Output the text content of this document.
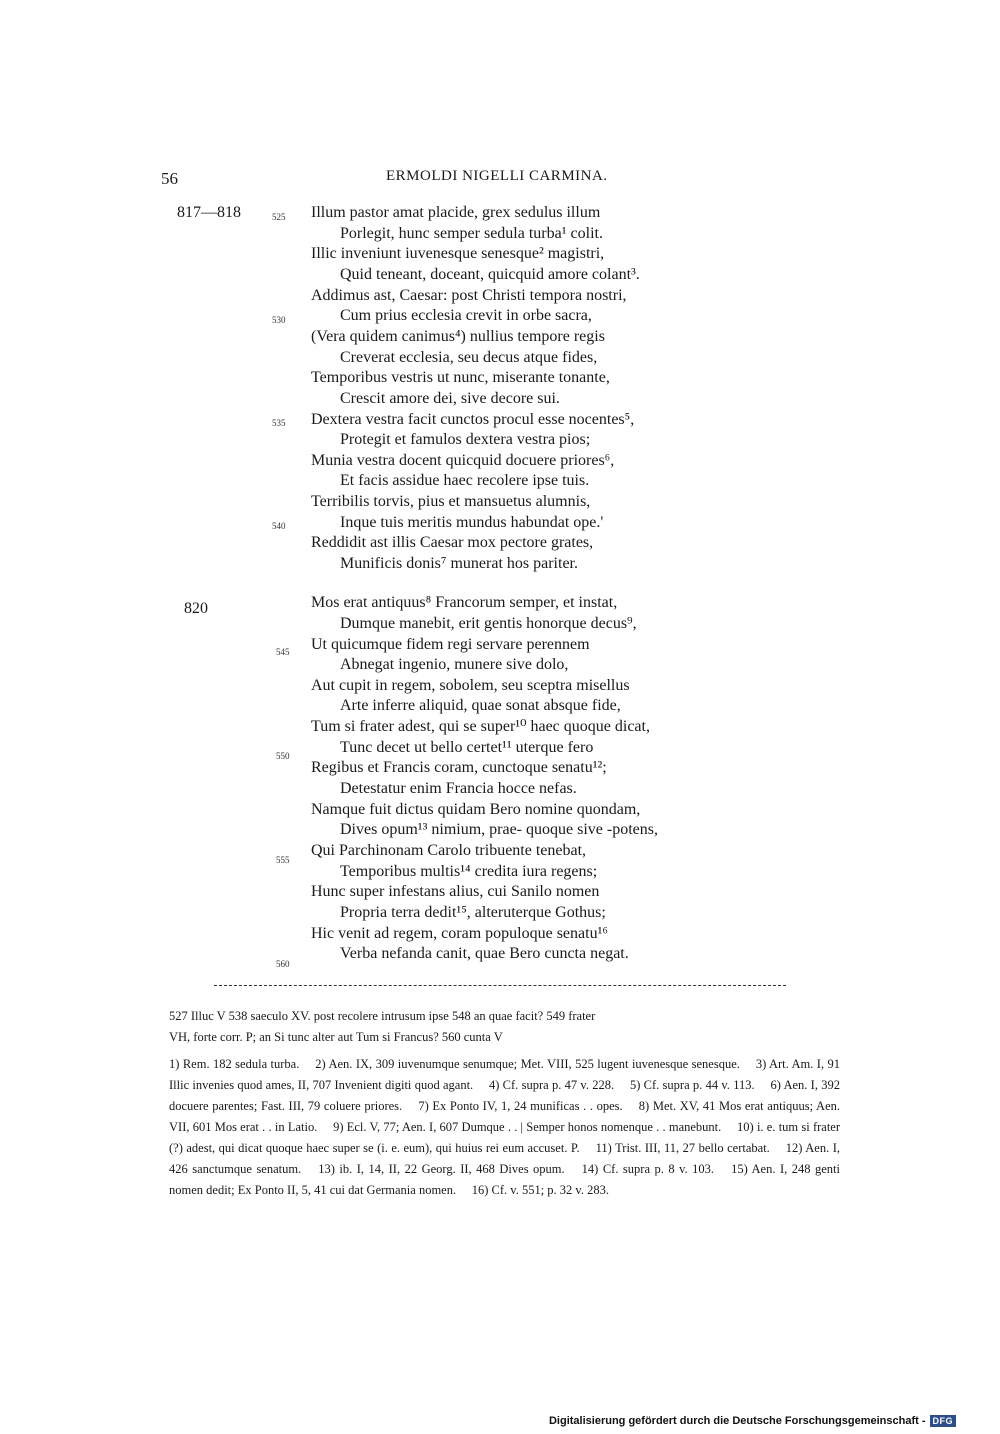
56	ERMOLDI NIGELLI CARMINA.
817—818
820
525
530
535
540
545
550
555
560
Illum pastor amat placide, grex sedulus illum
Porlegit, hunc semper sedula turba¹ colit.
Illic inveniunt iuvenesque senesque² magistri,
Quid teneant, doceant, quicquid amore colant³.
Addimus ast, Caesar: post Christi tempora nostri,
Cum prius ecclesia crevit in orbe sacra,
(Vera quidem canimus⁴) nullius tempore regis
Creverat ecclesia, seu decus atque fides,
Temporibus vestris ut nunc, miserante tonante,
Crescit amore dei, sive decore sui.
Dextera vestra facit cunctos procul esse nocentes⁵,
Protegit et famulos dextera vestra pios;
Munia vestra docent quicquid docuere priores⁶,
Et facis assidue haec recolere ipse tuis.
Terribilis torvis, pius et mansuetus alumnis,
Inque tuis meritis mundus habundat ope.'
Reddidit ast illis Caesar mox pectore grates,
Munificis donis⁷ munerat hos pariter.
Mos erat antiquus⁸ Francorum semper, et instat,
Dumque manebit, erit gentis honorque decus⁹,
Ut quicumque fidem regi servare perennem
Abnegat ingenio, munere sive dolo,
Aut cupit in regem, sobolem, seu sceptra misellus
Arte inferre aliquid, quae sonat absque fide,
Tum si frater adest, qui se super¹⁰ haec quoque dicat,
Tunc decet ut bello certet¹¹ uterque fero
Regibus et Francis coram, cunctoque senatu¹²;
Detestatur enim Francia hocce nefas.
Namque fuit dictus quidam Bero nomine quondam,
Dives opum¹³ nimium, prae- quoque sive -potens,
Qui Parchinonam Carolo tribuente tenebat,
Temporibus multis¹⁴ credita iura regens;
Hunc super infestans alius, cui Sanilo nomen
Propria terra dedit¹⁵, alteruterque Gothus;
Hic venit ad regem, coram populoque senatu¹⁶
Verba nefanda canit, quae Bero cuncta negat.
527 Illuc V 538 saeculo XV. post recolere intrusum ipse 548 an quae facit? 549 frater
VH, forte corr. P; an Si tunc alter aut Tum si Francus? 560 cunta V
1) Rem. 182 sedula turba.  2) Aen. IX, 309 iuvenumque senumque; Met. VIII, 525 lugent iuvenesque senesque.  3) Art. Am. I, 91 Illic invenies quod ames, II, 707 Invenient digiti quod agant.  4) Cf. supra p. 47 v. 228.  5) Cf. supra p. 44 v. 113.  6) Aen. I, 392 docuere parentes; Fast. III, 79 coluere priores.  7) Ex Ponto IV, 1, 24 munificas . . opes.  8) Met. XV, 41 Mos erat antiquus; Aen. VII, 601 Mos erat . . in Latio.  9) Ecl. V, 77; Aen. I, 607 Dumque . . | Semper honos nomenque . . manebunt.  10) i. e. tum si frater (?) adest, qui dicat quoque haec super se (i. e. eum), qui huius rei eum accuset. P.  11) Trist. III, 11, 27 bello certabat.  12) Aen. I, 426 sanctumque senatum.  13) ib. I, 14, II, 22 Georg. II, 468 Dives opum.  14) Cf. supra p. 8 v. 103.  15) Aen. I, 248 genti nomen dedit; Ex Ponto II, 5, 41 cui dat Germania nomen.  16) Cf. v. 551; p. 32 v. 283.
Digitalisierung gefördert durch die Deutsche Forschungsgemeinschaft - DFG
